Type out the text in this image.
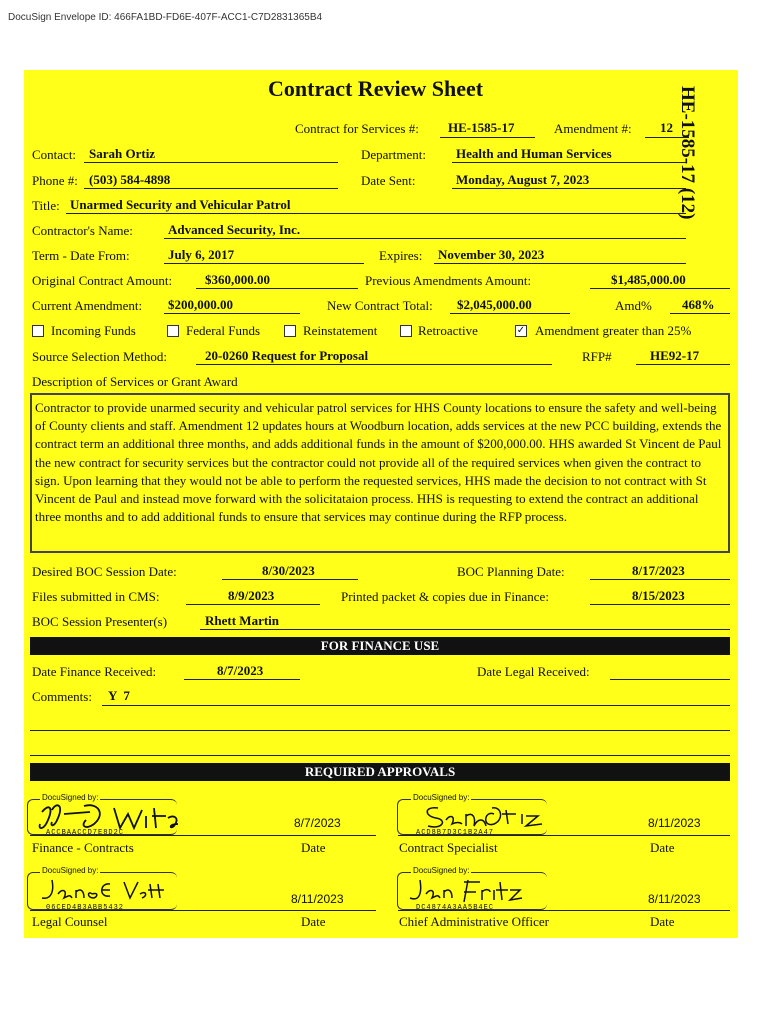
DocuSign Envelope ID: 466FA1BD-FD6E-407F-ACC1-C7D2831365B4
Contract Review Sheet	HE-1585-17 (12)
Contract for Services #: HE-1585-17	Amendment #: 12
Contact: Sarah Ortiz	Department: Health and Human Services
Phone #: (503) 584-4898	Date Sent:	Monday, August 7, 2023
Title: Unarmed Security and Vehicular Patrol
Contractor's Name:	Advanced Security, Inc.
Term - Date From:	July 6, 2017	Expires: November 30, 2023
Original Contract Amount:	$360,000.00	Previous Amendments Amount:	$1,485,000.00
Current Amendment: $200,000.00	New Contract Total: $2,045,000.00	Amd% 468%
Incoming Funds	Federal Funds	Reinstatement	Retroactive	✓ Amendment greater than 25%
Source Selection Method:	20-0260 Request for Proposal	RFP#	HE92-17
Description of Services or Grant Award
Contractor to provide unarmed security and vehicular patrol services for HHS County locations to ensure the safety and well-being of County clients and staff. Amendment 12 updates hours at Woodburn location, adds services at the new PCC building, extends the contract term an additional three months, and adds additional funds in the amount of $200,000.00. HHS awarded St Vincent de Paul the new contract for security services but the contractor could not provide all of the required services when given the contract to sign. Upon learning that they would not be able to perform the requested services, HHS made the decision to not contract with St Vincent de Paul and instead move forward with the solicitataion process. HHS is requesting to extend the contract an additional three months and to add additional funds to ensure that services may continue during the RFP process.
Desired BOC Session Date:	8/30/2023	BOC Planning Date:	8/17/2023
Files submitted in CMS:	8/9/2023	Printed packet & copies due in Finance:	8/15/2023
BOC Session Presenter(s)	Rhett Martin
FOR FINANCE USE
Date Finance Received:	8/7/2023	Date Legal Received:
Comments: Y  7
REQUIRED APPROVALS
DocuSigned by:
ACCBAACCD7E8D2C
8/7/2023
Finance - Contracts	Date
DocuSigned by:
ACD8B7D3C1B2A47
8/11/2023
Contract Specialist	Date
DocuSigned by:
06CED4B3ABB5432
8/11/2023
Legal Counsel	Date
DocuSigned by:
DC4874A3AA5B4EC
8/11/2023
Chief Administrative Officer	Date
